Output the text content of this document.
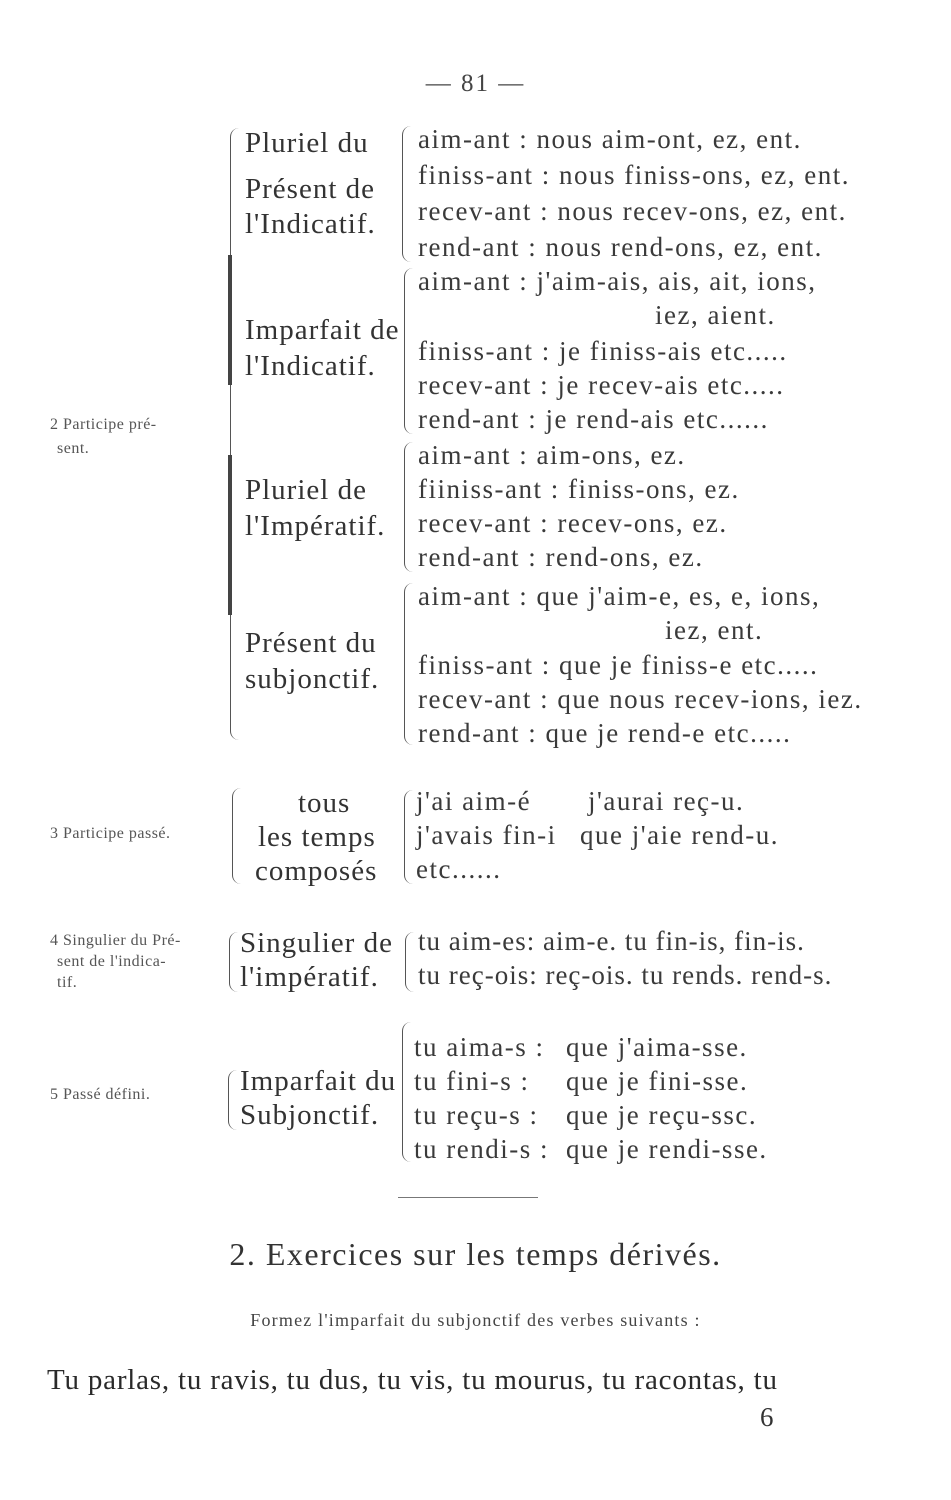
— 81 —
2 Participe pré-
sent.
Pluriel du
Présent de
l'Indicatif.
aim-ant : nous aim-ont, ez, ent.
finiss-ant : nous finiss-ons, ez, ent.
recev-ant : nous recev-ons, ez, ent.
rend-ant : nous rend-ons, ez, ent.
Imparfait de
l'Indicatif.
aim-ant : j'aim-ais, ais, ait, ions,
iez, aient.
finiss-ant : je finiss-ais etc.....
recev-ant : je recev-ais etc.....
rend-ant : je rend-ais etc......
Pluriel de
l'Impératif.
aim-ant : aim-ons, ez.
fiiniss-ant : finiss-ons, ez.
recev-ant : recev-ons, ez.
rend-ant : rend-ons, ez.
Présent du
subjonctif.
aim-ant : que j'aim-e, es, e, ions,
iez, ent.
finiss-ant : que je finiss-e etc.....
recev-ant : que nous recev-ions, iez.
rend-ant : que je rend-e etc.....
3 Participe passé.
tous
les temps
composés
j'ai aim-é
j'avais fin-i
etc......
j'aurai reç-u.
que j'aie rend-u.
4 Singulier du Pré-
sent de l'indica-
tif.
Singulier de
l'impératif.
tu aim-es: aim-e. tu fin-is, fin-is.
tu reç-ois: reç-ois. tu rends. rend-s.
5 Passé défini.	Imparfait du
Subjonctif.
tu aima-s :
tu fini-s :
tu reçu-s :
tu rendi-s :
que j'aima-sse.
que je fini-sse.
que je reçu-ssc.
que je rendi-sse.
2. Exercices sur les temps dérivés.
Formez l'imparfait du subjonctif des verbes suivants :
Tu parlas, tu ravis, tu dus, tu vis, tu mourus, tu racontas, tu
6
